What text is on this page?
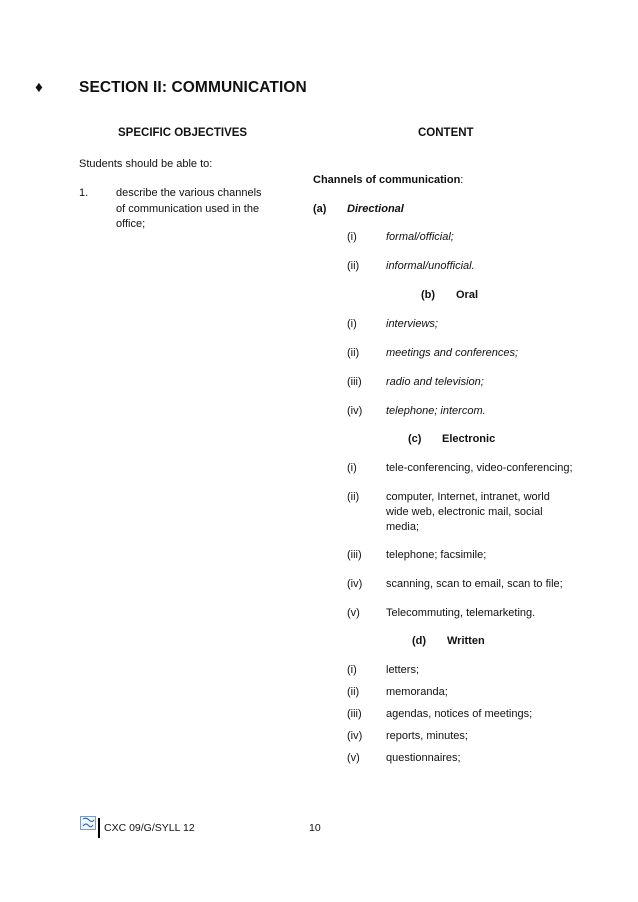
♦ SECTION II: COMMUNICATION
SPECIFIC OBJECTIVES	CONTENT
Students should be able to:
1.	describe the various channels
of communication used in the
office;
Channels of communication:
(a) Directional
(i)	formal/official;
(ii) informal/unofficial.
(b) Oral
(i)	interviews;
(ii) meetings and conferences;
(iii) radio and television;
(iv) telephone; intercom.
(c) Electronic
(i)	tele-conferencing, video-conferencing;
(ii) computer, Internet, intranet, world
wide web, electronic mail, social
media;
(iii) telephone; facsimile;
(iv) scanning, scan to email, scan to file;
(v) Telecommuting, telemarketing.
(d) Written
(i)	letters;
(ii) memoranda;
(iii) agendas, notices of meetings;
(iv) reports, minutes;
(v) questionnaires;
CXC 09/G/SYLL 12	10
